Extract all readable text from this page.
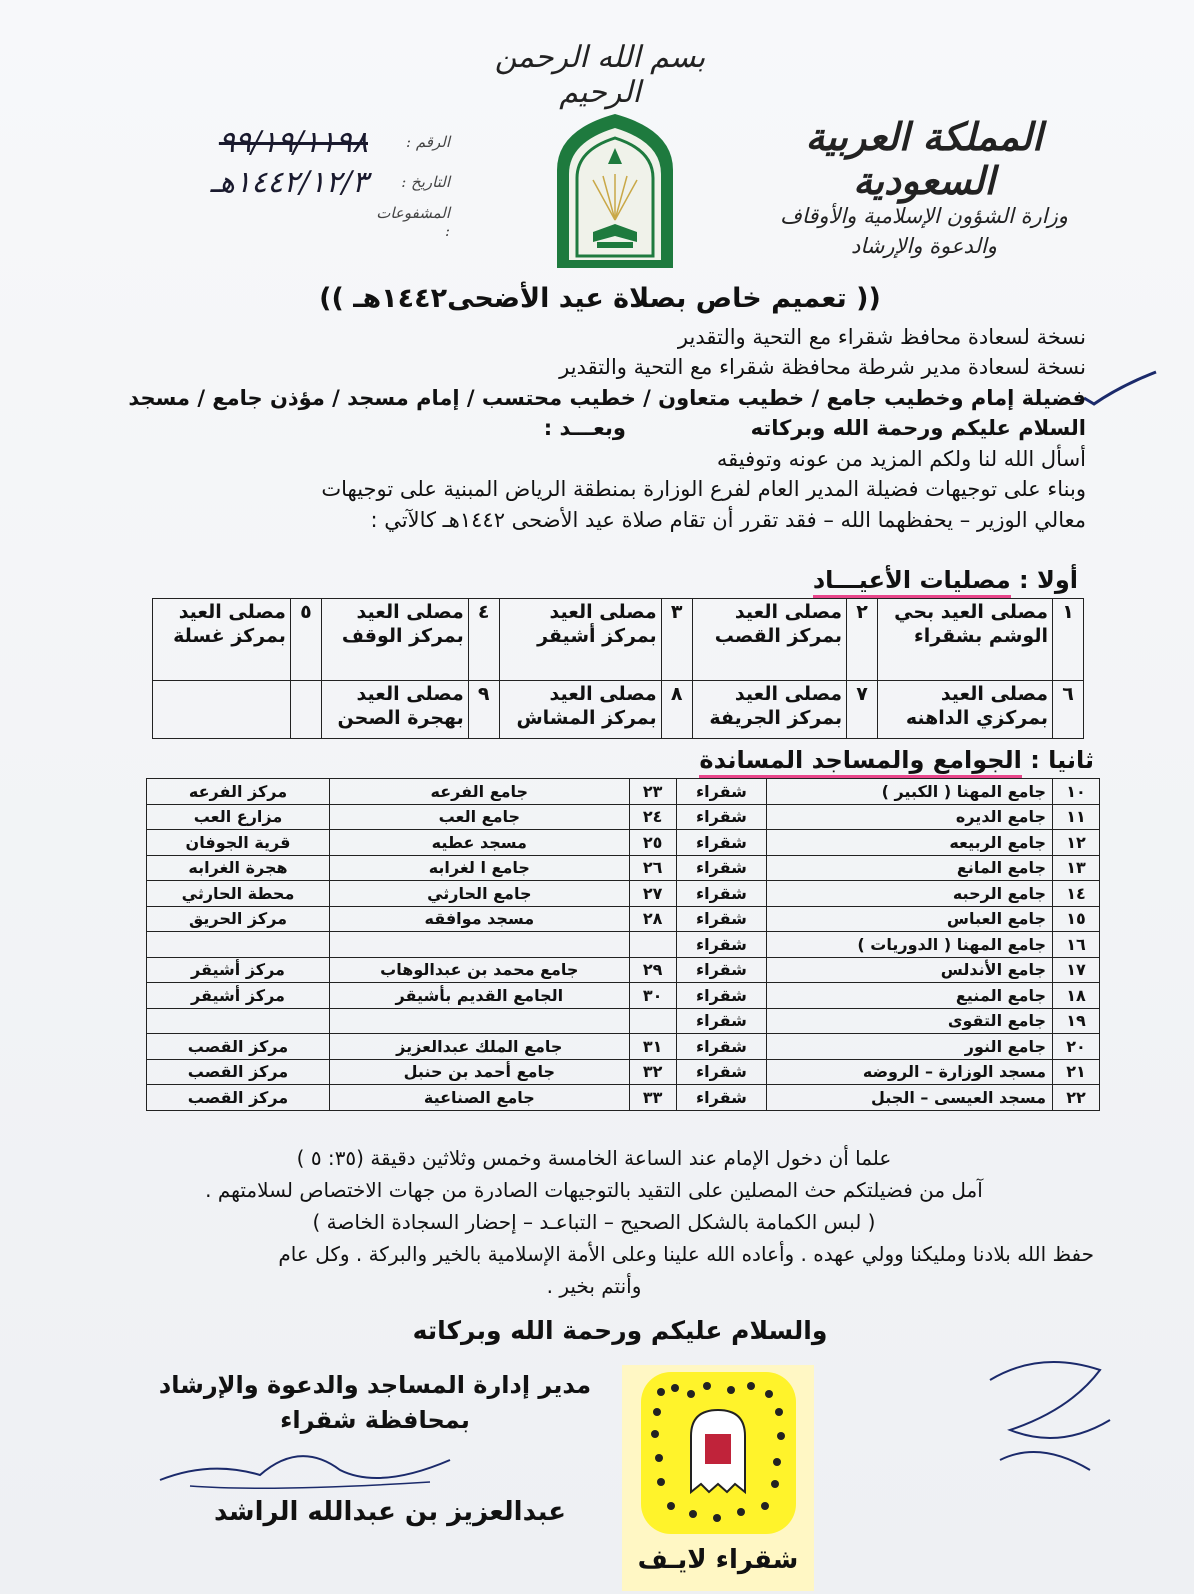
بسم الله الرحمن الرحيم
المملكة العربية السعودية
وزارة الشؤون الإسلامية والأوقاف
والدعوة والإرشاد
الرقم :
٩٩/١٩/١١٩٨
التاريخ :
١٤٤٢/١٢/٣هـ
المشفوعات :
(( تعميم خاص بصلاة عيد الأضحى١٤٤٢هـ ))
نسخة لسعادة محافظ شقراء مع التحية والتقدير
نسخة لسعادة مدير شرطة محافظة شقراء مع التحية والتقدير
فضيلة إمام وخطيب جامع / خطيب متعاون / خطيب محتسب / إمام مسجد / مؤذن جامع / مسجد
السلام عليكم ورحمة الله وبركاته  وبعـــد :
أسأل الله لنا ولكم المزيد من عونه وتوفيقه
وبناء على توجيهات فضيلة المدير العام لفرع الوزارة بمنطقة الرياض المبنية على توجيهات
معالي الوزير – يحفظهما الله – فقد تقرر أن تقام صلاة عيد الأضحى ١٤٤٢هـ كالآتي :
أولا : مصليات الأعيـــاد
١	مصلى العيد بحي الوشم بشقراء	٢	مصلى العيد بمركز القصب	٣	مصلى العيد بمركز أشيقر	٤	مصلى العيد بمركز الوقف	٥	مصلى العيد بمركز غسلة
٦	مصلى العيد بمركزي الداهنه	٧	مصلى العيد بمركز الجريفة	٨	مصلى العيد بمركز المشاش	٩	مصلى العيد بهجرة الصحن		
ثانيا : الجوامع والمساجد المساندة
١٠	جامع المهنا ( الكبير )	شقراء	٢٣	جامع الفرعه	مركز الفرعه
١١	جامع الديره	شقراء	٢٤	جامع العب	مزارع العب
١٢	جامع الربيعه	شقراء	٢٥	مسجد عطيه	قرية الجوفان
١٣	جامع المانع	شقراء	٢٦	جامع ا لغرابه	هجرة الغرابه
١٤	جامع الرحبه	شقراء	٢٧	جامع الحارثي	محطة الحارثي
١٥	جامع العباس	شقراء	٢٨	مسجد موافقه	مركز الحريق
١٦	جامع المهنا ( الدوريات )	شقراء			
١٧	جامع الأندلس	شقراء	٢٩	جامع محمد بن عبدالوهاب	مركز أشيقر
١٨	جامع المنيع	شقراء	٣٠	الجامع القديم بأشيقر	مركز أشيقر
١٩	جامع التقوى	شقراء			
٢٠	جامع النور	شقراء	٣١	جامع الملك عبدالعزيز	مركز القصب
٢١	مسجد الوزارة – الروضه	شقراء	٣٢	جامع أحمد بن حنبل	مركز القصب
٢٢	مسجد العيسى – الجبل	شقراء	٣٣	جامع الصناعية	مركز القصب
علما أن دخول الإمام عند الساعة الخامسة وخمس وثلاثين دقيقة (٣٥: ٥ )
آمل من فضيلتكم حث المصلين على التقيد بالتوجيهات الصادرة من جهات الاختصاص لسلامتهم .
( لبس الكمامة بالشكل الصحيح – التباعـد – إحضار السجادة الخاصة )
حفظ الله بلادنا ومليكنا وولي عهده . وأعاده الله علينا وعلى الأمة الإسلامية بالخير والبركة . وكل عام
وأنتم بخير .
والسلام عليكم ورحمة الله وبركاته
مدير إدارة المساجد والدعوة والإرشاد
بمحافظة شقراء
عبدالعزيز بن عبدالله الراشد
شقراء لايـف
